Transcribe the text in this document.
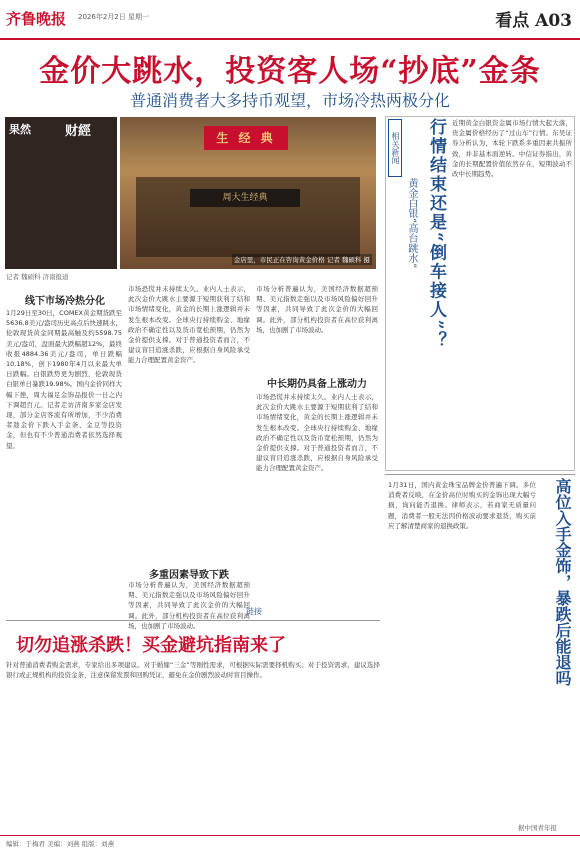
齐鲁晚报 2026年2月2日 星期一	看点 A03
金价大跳水，投资客人场“抄底”金条
普通消费者大多持币观望，市场冷热两极分化
果然	财經	生 经 典
周大生经典
金店里，市民正在咨询黄金价格 记者 魏硕科 摄
记者 魏硕科 济南报道
线下市场冷热分化
1月29日至30日，COMEX黄金期货跌至5636.8美元/盎司历史高点后快速跳水，伦敦现货黄金同期最高触及约5598.75美元/盎司，盘面最大跌幅超12%，最终收报4884.36美元/盎司，单日跌幅10.18%，创下1980年4月以来最大单日跌幅。白银跌势更为剧烈，伦敦现货白银单日暴跌19.98%。国内金价同样大幅下挫，周大福足金饰品报价一日之内下调超百元。记者走访济南多家金店发现，部分金店客流有所增加，不少消费者趁金价下跌入手金条、金豆等投资金，但也有不少普通消费者依然选择观望。
市场恐慌并未持续太久。业内人士表示，此次金价大跳水主要源于短期获利了结和市场情绪变化，黄金的长期上涨逻辑并未发生根本改变。全球央行持续购金、地缘政治不确定性以及货币宽松预期，仍然为金价提供支撑。对于普通投资者而言，不建议盲目追涨杀跌，应根据自身风险承受能力合理配置黄金资产。
多重因素导致下跌
市场分析普遍认为，美国经济数据超预期、美元指数走强以及市场风险偏好回升等因素，共同导致了此次金价的大幅回调。此外，部分机构投资者在高位获利离场，也加剧了市场波动。
中长期仍具备上涨动力
市场分析普遍认为，美国经济数据超预期、美元指数走强以及市场风险偏好回升等因素，共同导致了此次金价的大幅回调。此外，部分机构投资者在高位获利离场，也加剧了市场波动。
市场恐慌并未持续太久。业内人士表示，此次金价大跳水主要源于短期获利了结和市场情绪变化，黄金的长期上涨逻辑并未发生根本改变。全球央行持续购金、地缘政治不确定性以及货币宽松预期，仍然为金价提供支撑。对于普通投资者而言，不建议盲目追涨杀跌，应根据自身风险承受能力合理配置黄金资产。
链接
切勿追涨杀跌！买金避坑指南来了
针对普通消费者购金需求，专家给出多项建议。对于婚嫁“三金”等刚性需求，可根据实际需要择机购买；对于投资需求，建议选择银行或正规机构的投资金条，注意保留发票和回购凭证，避免在金价剧烈波动时盲目操作。
相关新闻 行情结束还是“倒车接人”？
黄金白银“高台跳水”
近期黄金白银资金属市场行情大起大落，贵金属价格经历了“过山车”行情。东吴证券分析认为，本轮下跌系多重因素共振所致，并非基本面逆转。中信证券指出，黄金的长期配置价值依然存在，短期波动不改中长期趋势。
1月31日，国内黄金珠宝品牌金价普遍下调。多位消费者反映，在金价高位时购买的金饰出现大幅亏损，询问能否退换。律师表示，若商家无质量问题，消费者一般无法因价格波动要求退货，购买前应了解清楚商家的退换政策。	高位入手金饰，暴跌后能退吗
据中国青年报
编辑：于梅君 美编：刘燕 组版：刘燕
